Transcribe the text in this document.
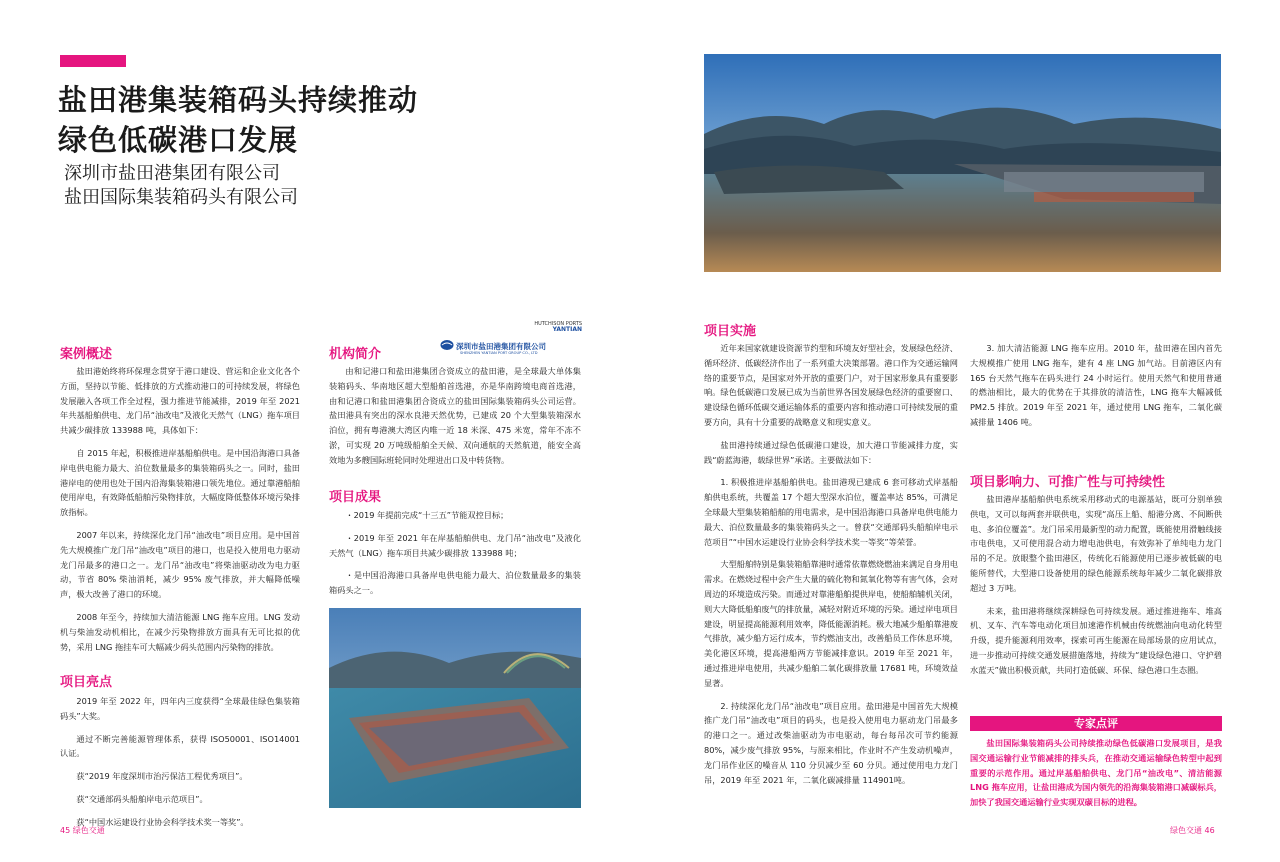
盐田港集装箱码头持续推动
绿色低碳港口发展
深圳市盐田港集团有限公司
盐田国际集装箱码头有限公司
案例概述

盐田港始终将环保理念贯穿于港口建设、营运和企业文化各个方面，坚持以节能、低排放的方式推动港口的可持续发展，将绿色发展融入各项工作全过程，强力推进节能减排，2019 年至 2021 年共基船舶供电、龙门吊“油改电”及液化天然气（LNG）拖车项目共减少碳排放 133988 吨，具体如下：

自 2015 年起，积极推进岸基船舶供电。是中国沿海港口具备岸电供电能力最大、泊位数量最多的集装箱码头之一。同时，盐田港岸电的使用也处于国内沿海集装箱港口领先地位。通过靠港船舶使用岸电，有效降低船舶污染物排放，大幅度降低整体环境污染排放指标。

2007 年以来，持续深化龙门吊“油改电”项目应用。是中国首先大规模推广龙门吊“油改电”项目的港口，也是投入使用电力驱动龙门吊最多的港口之一。龙门吊“油改电”将柴油驱动改为电力驱动，节省 80% 柴油消耗，减少 95% 废气排放，并大幅降低噪声，极大改善了港口的环境。

2008 年至今，持续加大清洁能源 LNG 拖车应用。LNG 发动机与柴油发动机相比，在减少污染物排放方面具有无可比拟的优势，采用 LNG 拖挂车可大幅减少码头范围内污染物的排放。

项目亮点

2019 年至 2022 年，四年内三度获得“全球最佳绿色集装箱码头”大奖。

通过不断完善能源管理体系，获得 ISO50001、ISO14001 认证。

获“2019 年度深圳市治污保洁工程优秀项目”。

获“交通部码头船舶岸电示范项目”。

获“中国水运建设行业协会科学技术奖一等奖”。

HUTCHISON PORTS
YANTIAN
深圳市盐田港集团有限公司
SHENZHEN YANTIAN PORT GROUP CO., LTD
机构简介

由和记港口和盐田港集团合资成立的盐田港，是全球最大单体集装箱码头、华南地区超大型船舶首选港，亦是华南跨境电商首选港，由和记港口和盐田港集团合资成立的盐田国际集装箱码头公司运营。盐田港具有突出的深水良港天然优势，已建成 20 个大型集装箱深水泊位，拥有粤港澳大湾区内唯一近 18 米深、475 米宽，常年不冻不淤，可实现 20 万吨级船舶全天候、双向通航的天然航道，能安全高效地为多艘国际班轮同时处理进出口及中转货物。

项目成果

・2019 年提前完成“十三五”节能双控目标；

・2019 年至 2021 年在岸基船舶供电、龙门吊“油改电”及液化天然气（LNG）拖车项目共减少碳排放 133988 吨；

・是中国沿海港口具备岸电供电能力最大、泊位数量最多的集装箱码头之一。

项目实施

近年来国家就建设资源节约型和环境友好型社会，发展绿色经济、循环经济、低碳经济作出了一系列重大决策部署。港口作为交通运输网络的重要节点，是国家对外开放的重要门户，对于国家形象具有重要影响。绿色低碳港口发展已成为当前世界各国发展绿色经济的重要窗口、建设绿色循环低碳交通运输体系的重要内容和推动港口可持续发展的重要方向，具有十分重要的战略意义和现实意义。

盐田港持续通过绿色低碳港口建设，加大港口节能减排力度，实践“蔚蓝海港，载绿世界”承诺。主要做法如下：

1. 积极推进岸基船舶供电。盐田港现已建成 6 套可移动式岸基船舶供电系统，共覆盖 17 个超大型深水泊位，覆盖率达 85%，可满足全球最大型集装箱船舶的用电需求，是中国沿海港口具备岸电供电能力最大、泊位数量最多的集装箱码头之一。曾获“交通部码头船舶岸电示范项目”“中国水运建设行业协会科学技术奖一等奖”等荣誉。

大型船舶特别是集装箱船靠港时通常依靠燃烧燃油来满足自身用电需求。在燃烧过程中会产生大量的硫化物和氮氧化物等有害气体，会对周边的环境造成污染。而通过对靠港船舶提供岸电，使船舶辅机关闭，则大大降低船舶废气的排放量，减轻对附近环境的污染。通过岸电项目建设，明显提高能源利用效率，降低能源消耗。极大地减少船舶靠港废气排放，减少船方运行成本，节约燃油支出，改善船员工作休息环境，美化港区环境，提高港船两方节能减排意识。2019 年至 2021 年，通过推进岸电使用，共减少船舶二氧化碳排放量 17681 吨，环境效益显著。

2. 持续深化龙门吊“油改电”项目应用。盐田港是中国首先大规模推广龙门吊“油改电”项目的码头，也是投入使用电力驱动龙门吊最多的港口之一。通过改柴油驱动为市电驱动，每台每吊次可节约能源 80%，减少废气排放 95%，与原来相比，作业时不产生发动机噪声，龙门吊作业区的噪音从 110 分贝减少至 60 分贝。通过使用电力龙门吊，2019 年至 2021 年，二氧化碳减排量 114901吨。

3. 加大清洁能源 LNG 拖车应用。2010 年，盐田港在国内首先大规模推广使用 LNG 拖车，建有 4 座 LNG 加气站。目前港区内有 165 台天然气拖车在码头进行 24 小时运行。使用天然气和使用普通的燃油相比，最大的优势在于其排放的清洁性，LNG 拖车大幅减低 PM2.5 排放。2019 年至 2021 年，通过使用 LNG 拖车，二氧化碳减排量 1406 吨。

项目影响力、可推广性与可持续性

盐田港岸基船舶供电系统采用移动式的电源基站，既可分别单独供电，又可以每两套并联供电，实现“高压上船、船港分离、不间断供电、多泊位覆盖”。龙门吊采用最新型的动力配置，既能使用滑触线接市电供电，又可使用混合动力增电池供电，有效弥补了单纯电力龙门吊的不足。放眼整个盐田港区，传统化石能源使用已逐步被低碳的电能所替代，大型港口设备使用的绿色能源系统每年减少二氧化碳排放超过 3 万吨。

未来，盐田港将继续深耕绿色可持续发展。通过推进拖车、堆高机、叉车、汽车等电动化项目加速港作机械由传统燃油向电动化转型升级，提升能源利用效率，探索可再生能源在局部场景的应用试点，进一步推动可持续交通发展措施落地，持续为“建设绿色港口、守护碧水蓝天”做出积极贡献，共同打造低碳、环保、绿色港口生态圈。

专家点评

盐田国际集装箱码头公司持续推动绿色低碳港口发展项目，是我国交通运输行业节能减排的排头兵，在推动交通运输绿色转型中起到重要的示范作用。通过岸基船舶供电、龙门吊“油改电”、清洁能源 LNG 拖车应用，让盐田港成为国内领先的沿海集装箱港口减碳标兵，加快了我国交通运输行业实现双碳目标的进程。

45 绿色交通	绿色交通 46
